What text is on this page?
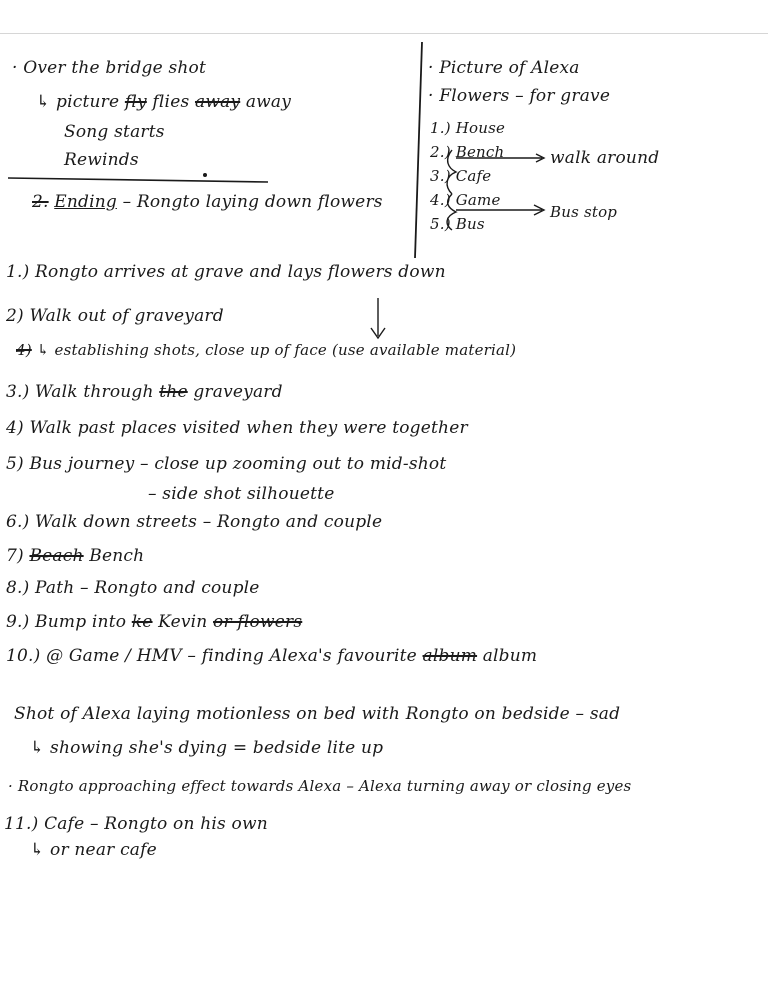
· Over the bridge shot
↳ picture fly flies away away
Song starts
Rewinds
2. Ending – Rongto laying down flowers
· Picture of Alexa
· Flowers – for grave
1.) House
2.) Bench
3.) Cafe
4.) Game
5.) Bus
walk around
Bus stop
1.) Rongto arrives at grave and lays flowers down
2) Walk out of graveyard
4) ↳ establishing shots, close up of face (use available material)
3.) Walk through the graveyard
4) Walk past places visited when they were together
5) Bus journey – close up zooming out to mid-shot
– side shot silhouette
6.) Walk down streets – Rongto and couple
7) Beach Bench
8.) Path – Rongto and couple
9.) Bump into ke Kevin or flowers
10.) @ Game / HMV – finding Alexa's favourite album album
Shot of Alexa laying motionless on bed with Rongto on bedside – sad
↳ showing she's dying = bedside lite up
· Rongto approaching effect towards Alexa – Alexa turning away or closing eyes
11.) Cafe – Rongto on his own
↳ or near cafe
